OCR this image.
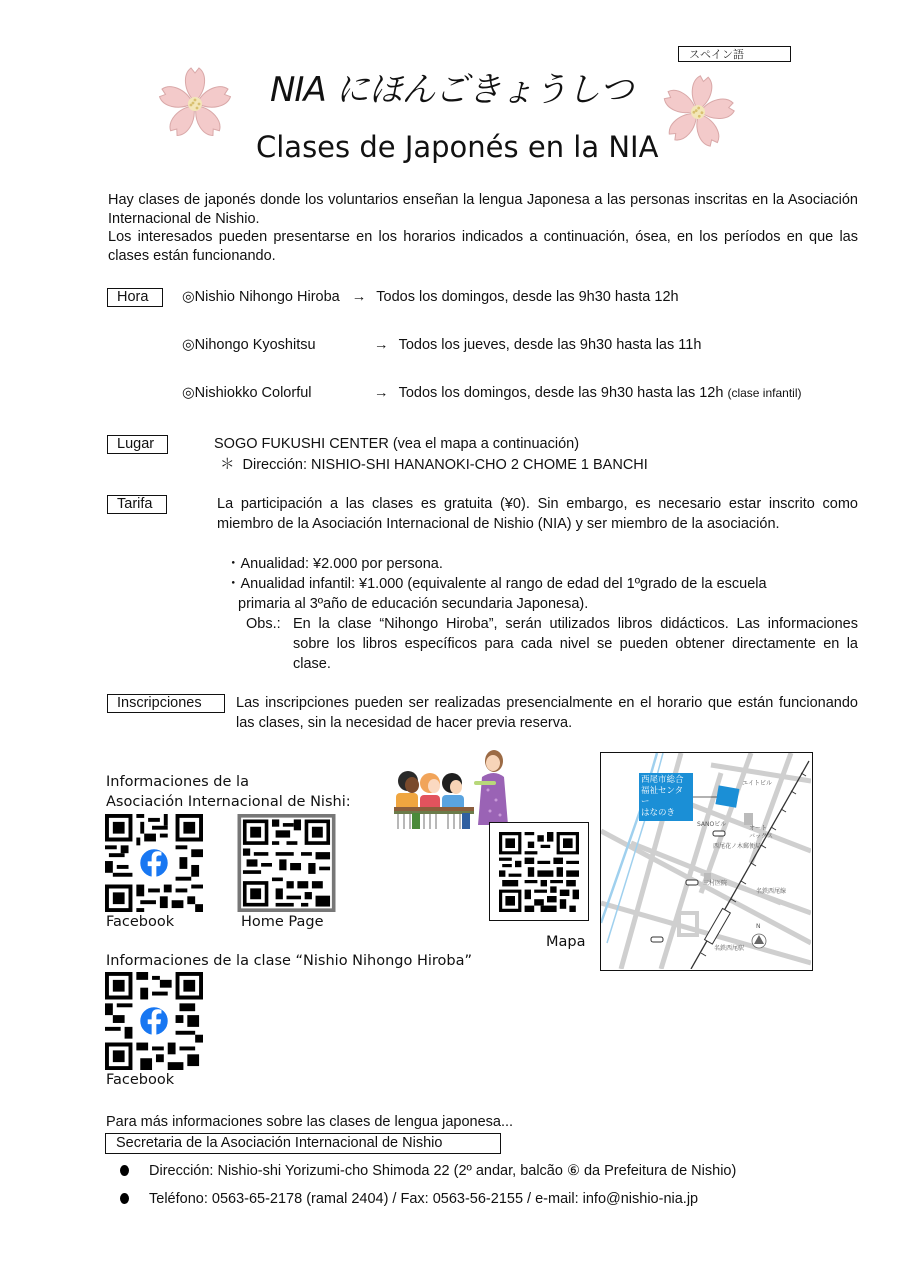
スペイン語
NIA にほんごきょうしつ
Clases de Japonés en la NIA
Hay clases de japonés donde los voluntarios enseñan la lengua Japonesa a las personas inscritas en la Asociación Internacional de Nishio.
Los interesados pueden presentarse en los horarios indicados a continuación, ósea, en los períodos en que las clases están funcionando.
Hora	◎Nishio Nihongo Hiroba → Todos los domingos, desde las 9h30 hasta 12h
◎Nihongo Kyoshitsu	→ Todos los jueves, desde las 9h30 hasta las 11h
◎Nishiokko Colorful	→ Todos los domingos, desde las 9h30 hasta las 12h (clase infantil)
Lugar	SOGO FUKUSHI CENTER (vea el mapa a continuación)
＊ Dirección: NISHIO-SHI HANANOKI-CHO 2 CHOME 1 BANCHI
Tarifa	La participación a las clases es gratuita (¥0). Sin embargo, es necesario estar inscrito como miembro de la Asociación Internacional de Nishio (NIA) y ser miembro de la asociación.
・Anualidad: ¥2.000 por persona.
・Anualidad infantil: ¥1.000 (equivalente al rango de edad del 1ºgrado de la escuela
primaria al 3ºaño de educación secundaria Japonesa).
Obs.: En la clase “Nihongo Hiroba”, serán utilizados libros didácticos. Las informaciones sobre los libros específicos para cada nivel se pueden obtener directamente en la clase.
Inscripciones	Las inscripciones pueden ser realizadas presencialmente en el horario que están funcionando las clases, sin la necesidad de hacer previa reserva.
Informaciones de la
Asociación Internacional de Nishi:
Facebook	Home Page
Mapa
西尾市総合
福祉センター
はなのき
ユイトビル
SANOビル
オート
バックス
西尾花ノ木郵便局
三村医院
名鉄西尾線
名鉄西尾駅
N
Informaciones de la clase “Nishio Nihongo Hiroba”
Facebook
Para más informaciones sobre las clases de lengua japonesa...
Secretaria de la Asociación Internacional de Nishio
Dirección: Nishio-shi Yorizumi-cho Shimoda 22 (2º andar, balcão ⑥ da Prefeitura de Nishio)
Teléfono: 0563-65-2178 (ramal 2404) / Fax: 0563-56-2155 / e-mail: info@nishio-nia.jp
